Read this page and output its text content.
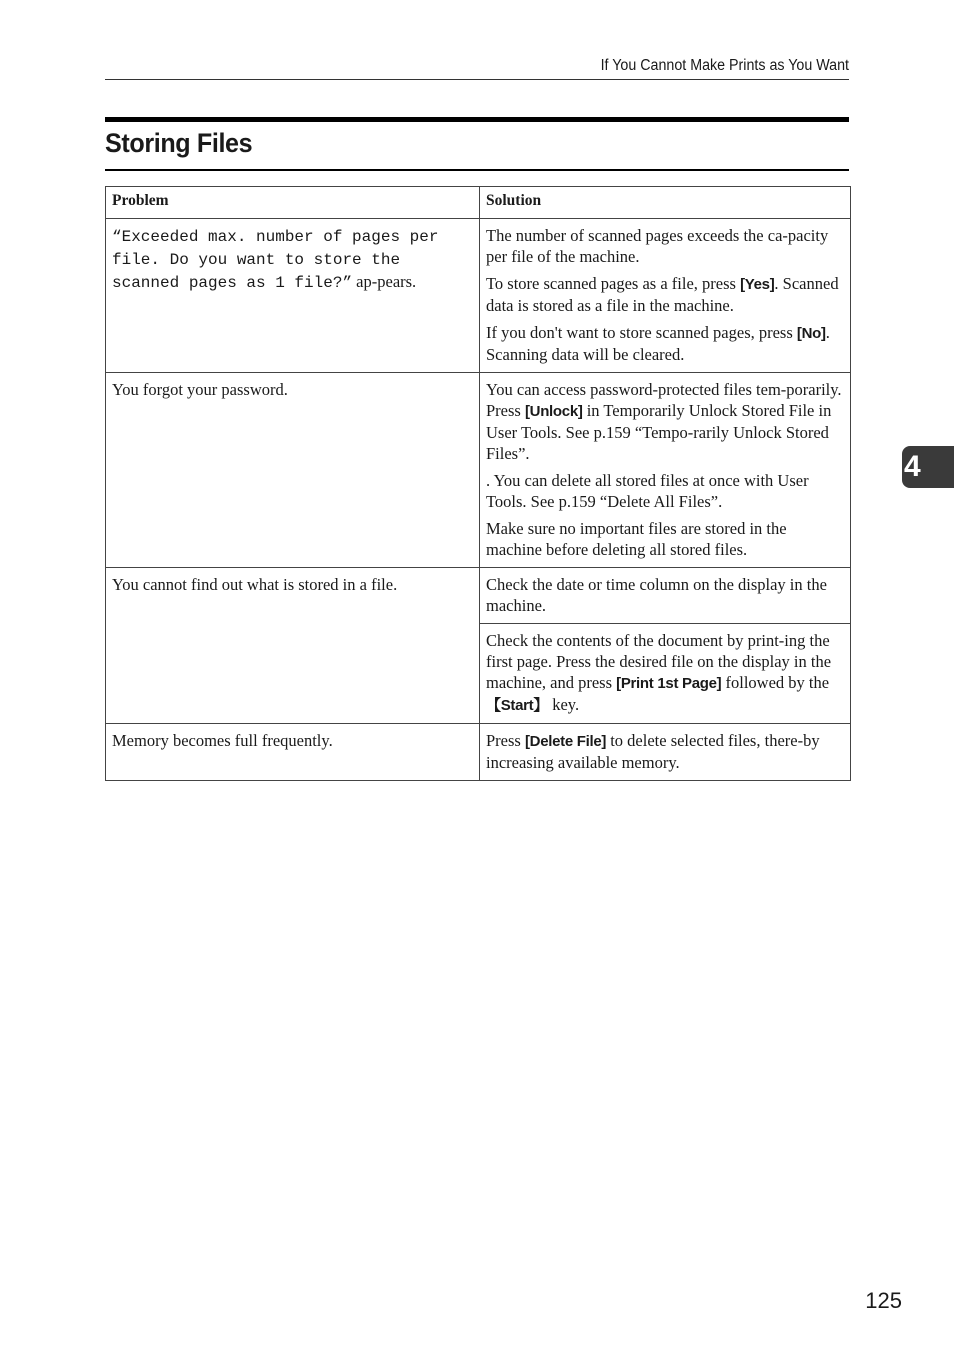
If You Cannot Make Prints as You Want
Storing Files
Problem	Solution
“Exceeded max. number of pages per file. Do you want to store the scanned pages as 1 file?” ap-pears.	The number of scanned pages exceeds the ca-pacity per file of the machine.

To store scanned pages as a file, press [Yes]. Scanned data is stored as a file in the machine.

If you don't want to store scanned pages, press [No]. Scanning data will be cleared.

You forgot your password.	You can access password-protected files tem-porarily. Press [Unlock] in Temporarily Unlock Stored File in User Tools. See p.159 “Tempo-rarily Unlock Stored Files”.

. You can delete all stored files at once with User Tools. See p.159 “Delete All Files”.

Make sure no important files are stored in the machine before deleting all stored files.

You cannot find out what is stored in a file.	Check the date or time column on the display in the machine.
	Check the contents of the document by print-ing the first page. Press the desired file on the display in the machine, and press [Print 1st Page] followed by the 【Start】 key.
Memory becomes full frequently.	Press [Delete File] to delete selected files, there-by increasing available memory.
4
125
